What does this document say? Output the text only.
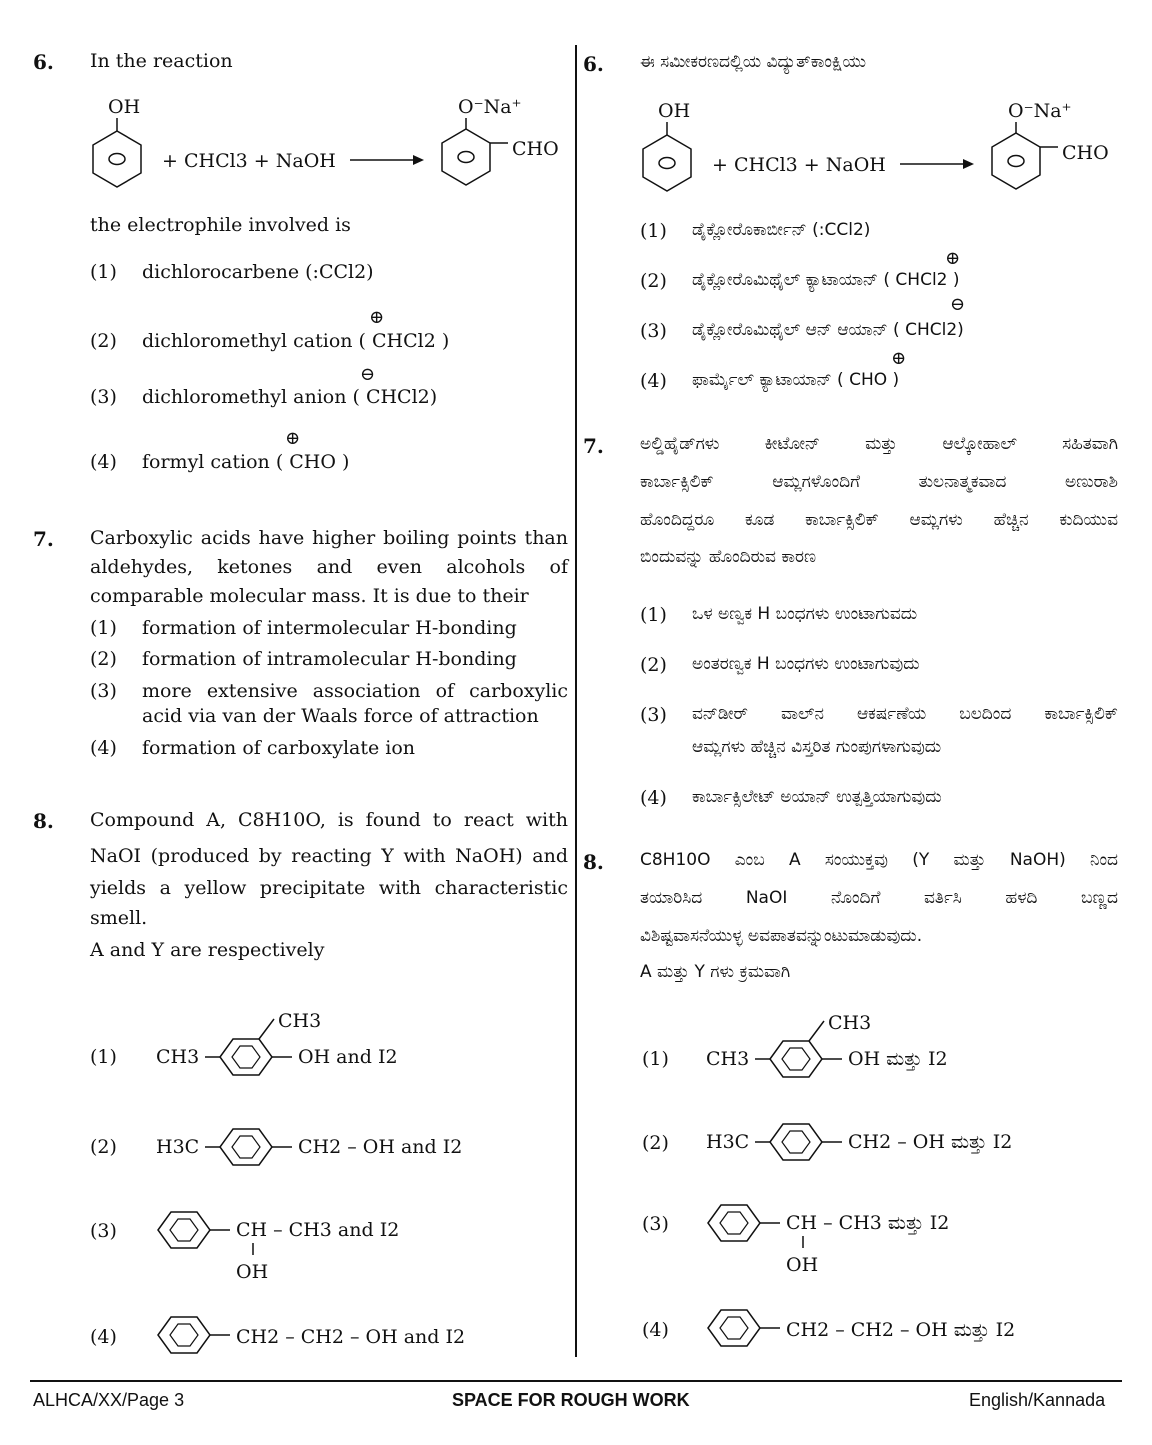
6. In the reaction
OH
+ CHCl3 + NaOH
O⁻Na⁺
CHO
the electrophile involved is
(1) dichlorocarbene (:CCl2)
⊕
(2) dichloromethyl cation ( CHCl2 )
⊖
(3) dichloromethyl anion ( CHCl2)
⊕
(4) formyl cation ( CHO )
7. Carboxylic acids have higher boiling points than
aldehydes, ketones and even alcohols of
comparable molecular mass. It is due to their
(1) formation of intermolecular H-bonding
(2) formation of intramolecular H-bonding
(3) more extensive association of carboxylic
acid via van der Waals force of attraction
(4) formation of carboxylate ion
8. Compound A, C8H10O, is found to react with
NaOI (produced by reacting Y with NaOH) and
yields a yellow precipitate with characteristic
smell.
A and Y are respectively
(1) CH3
CH3
OH and I2
(2) H3C	CH2 – OH and I2
(3)	CH – CH3 and I2
OH
(4)	CH2 – CH2 – OH and I2
6. ಈ ಸಮೀಕರಣದಲ್ಲಿಯ ವಿದ್ಯುತ್‌ಕಾಂಕ್ಷಿಯು
OH
+ CHCl3 + NaOH
O⁻Na⁺
CHO
(1) ಡೈಕ್ಲೋರೊಕಾರ್ಬೀನ್ (:CCl2)
⊕
(2) ಡೈಕ್ಲೋರೊಮಿಥೈಲ್ ಕ್ಯಾಟಾಯಾನ್ ( CHCl2 )
⊖
(3) ಡೈಕ್ಲೋರೊಮಿಥೈಲ್ ಆನ್ ಆಯಾನ್ ( CHCl2)
⊕
(4) ಫಾರ್ಮೈಲ್ ಕ್ಯಾಟಾಯಾನ್ ( CHO )
7. ಅಲ್ಡಿಹೈಡ್‌ಗಳು ಕೀಟೋನ್ ಮತ್ತು ಆಲ್ಕೋಹಾಲ್ ಸಹಿತವಾಗಿ
ಕಾರ್ಬಾಕ್ಸಿಲಿಕ್ ಆಮ್ಲಗಳೊಂದಿಗೆ ತುಲನಾತ್ಮಕವಾದ ಅಣುರಾಶಿ
ಹೊಂದಿದ್ದರೂ ಕೂಡ ಕಾರ್ಬಾಕ್ಸಿಲಿಕ್ ಆಮ್ಲಗಳು ಹೆಚ್ಚಿನ ಕುದಿಯುವ
ಬಿಂದುವನ್ನು ಹೊಂದಿರುವ ಕಾರಣ
(1) ಒಳ ಅಣ್ವಕ H ಬಂಧಗಳು ಉಂಟಾಗುವದು
(2) ಅಂತರಣ್ವಕ H ಬಂಧಗಳು ಉಂಟಾಗುವುದು
(3) ವನ್‌ಡೀರ್ ವಾಲ್‌ನ ಆಕರ್ಷಣೆಯ ಬಲದಿಂದ ಕಾರ್ಬಾಕ್ಸಿಲಿಕ್
ಆಮ್ಲಗಳು ಹೆಚ್ಚಿನ ವಿಸ್ತರಿತ ಗುಂಪುಗಳಾಗುವುದು
(4) ಕಾರ್ಬಾಕ್ಸಿಲೇಟ್ ಅಯಾನ್ ಉತ್ಪತ್ತಿಯಾಗುವುದು
8. C8H10O ಎಂಬ A ಸಂಯುಕ್ತವು (Y ಮತ್ತು NaOH) ನಿಂದ
ತಯಾರಿಸಿದ NaOI ನೊಂದಿಗೆ ವರ್ತಿಸಿ ಹಳದಿ ಬಣ್ಣದ
ವಿಶಿಷ್ಟವಾಸನೆಯುಳ್ಳ ಅವಪಾತವನ್ನುಂಟುಮಾಡುವುದು.
A ಮತ್ತು Y ಗಳು ಕ್ರಮವಾಗಿ
(1) CH3
CH3
OH ಮತ್ತು I2
(2) H3C	CH2 – OH ಮತ್ತು I2
(3)	CH – CH3 ಮತ್ತು I2
OH
(4)	CH2 – CH2 – OH ಮತ್ತು I2
ALHCA/XX/Page 3	SPACE FOR ROUGH WORK	English/Kannada
